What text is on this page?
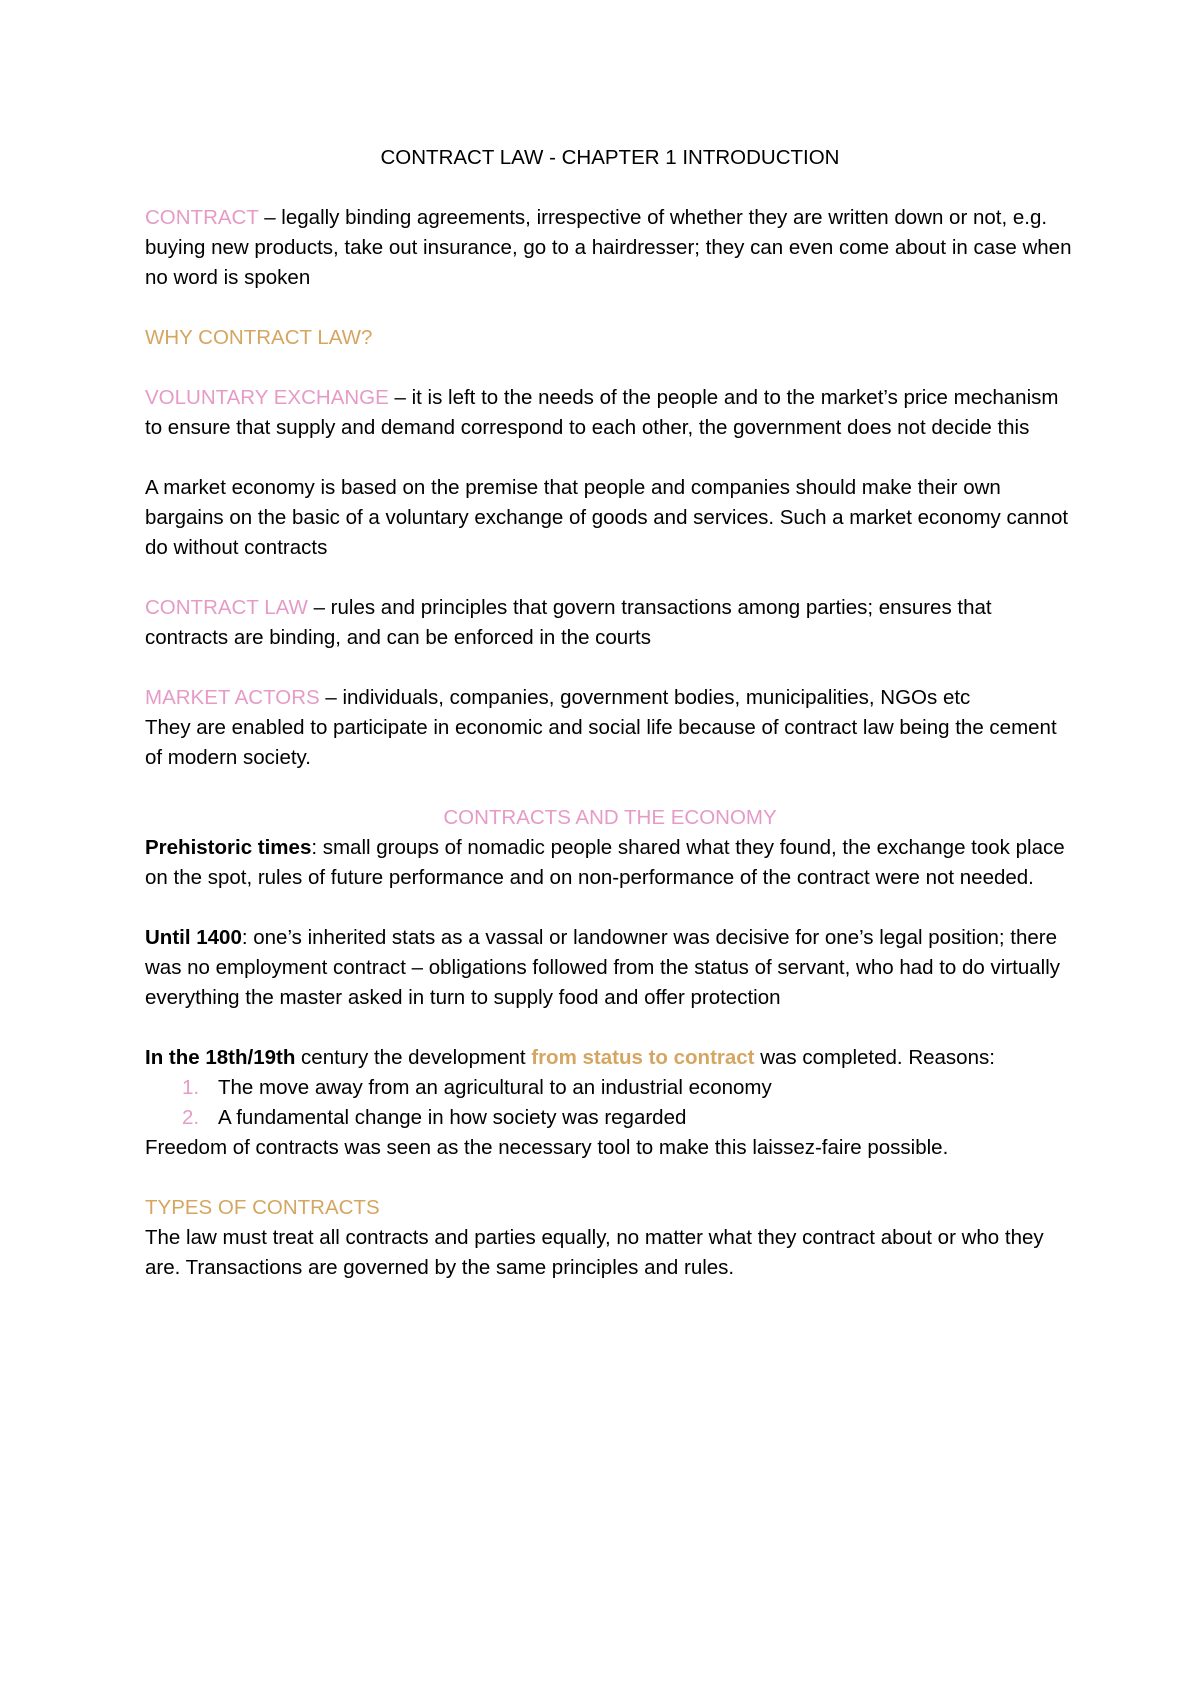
CONTRACT LAW - CHAPTER 1 INTRODUCTION

CONTRACT – legally binding agreements, irrespective of whether they are written down or not, e.g. buying new products, take out insurance, go to a hairdresser; they can even come about in case when no word is spoken

WHY CONTRACT LAW?

VOLUNTARY EXCHANGE – it is left to the needs of the people and to the market’s price mechanism to ensure that supply and demand correspond to each other, the government does not decide this

A market economy is based on the premise that people and companies should make their own bargains on the basic of a voluntary exchange of goods and services. Such a market economy cannot do without contracts

CONTRACT LAW – rules and principles that govern transactions among parties; ensures that contracts are binding, and can be enforced in the courts

MARKET ACTORS – individuals, companies, government bodies, municipalities, NGOs etc
They are enabled to participate in economic and social life because of contract law being the cement of modern society.

CONTRACTS AND THE ECONOMY

Prehistoric times: small groups of nomadic people shared what they found, the exchange took place on the spot, rules of future performance and on non-performance of the contract were not needed.

Until 1400: one’s inherited stats as a vassal or landowner was decisive for one’s legal position; there was no employment contract – obligations followed from the status of servant, who had to do virtually everything the master asked in turn to supply food and offer protection

In the 18th/19th century the development from status to contract was completed. Reasons:

1. The move away from an agricultural to an industrial economy
2. A fundamental change in how society was regarded

Freedom of contracts was seen as the necessary tool to make this laissez-faire possible.

TYPES OF CONTRACTS

The law must treat all contracts and parties equally, no matter what they contract about or who they are. Transactions are governed by the same principles and rules.
